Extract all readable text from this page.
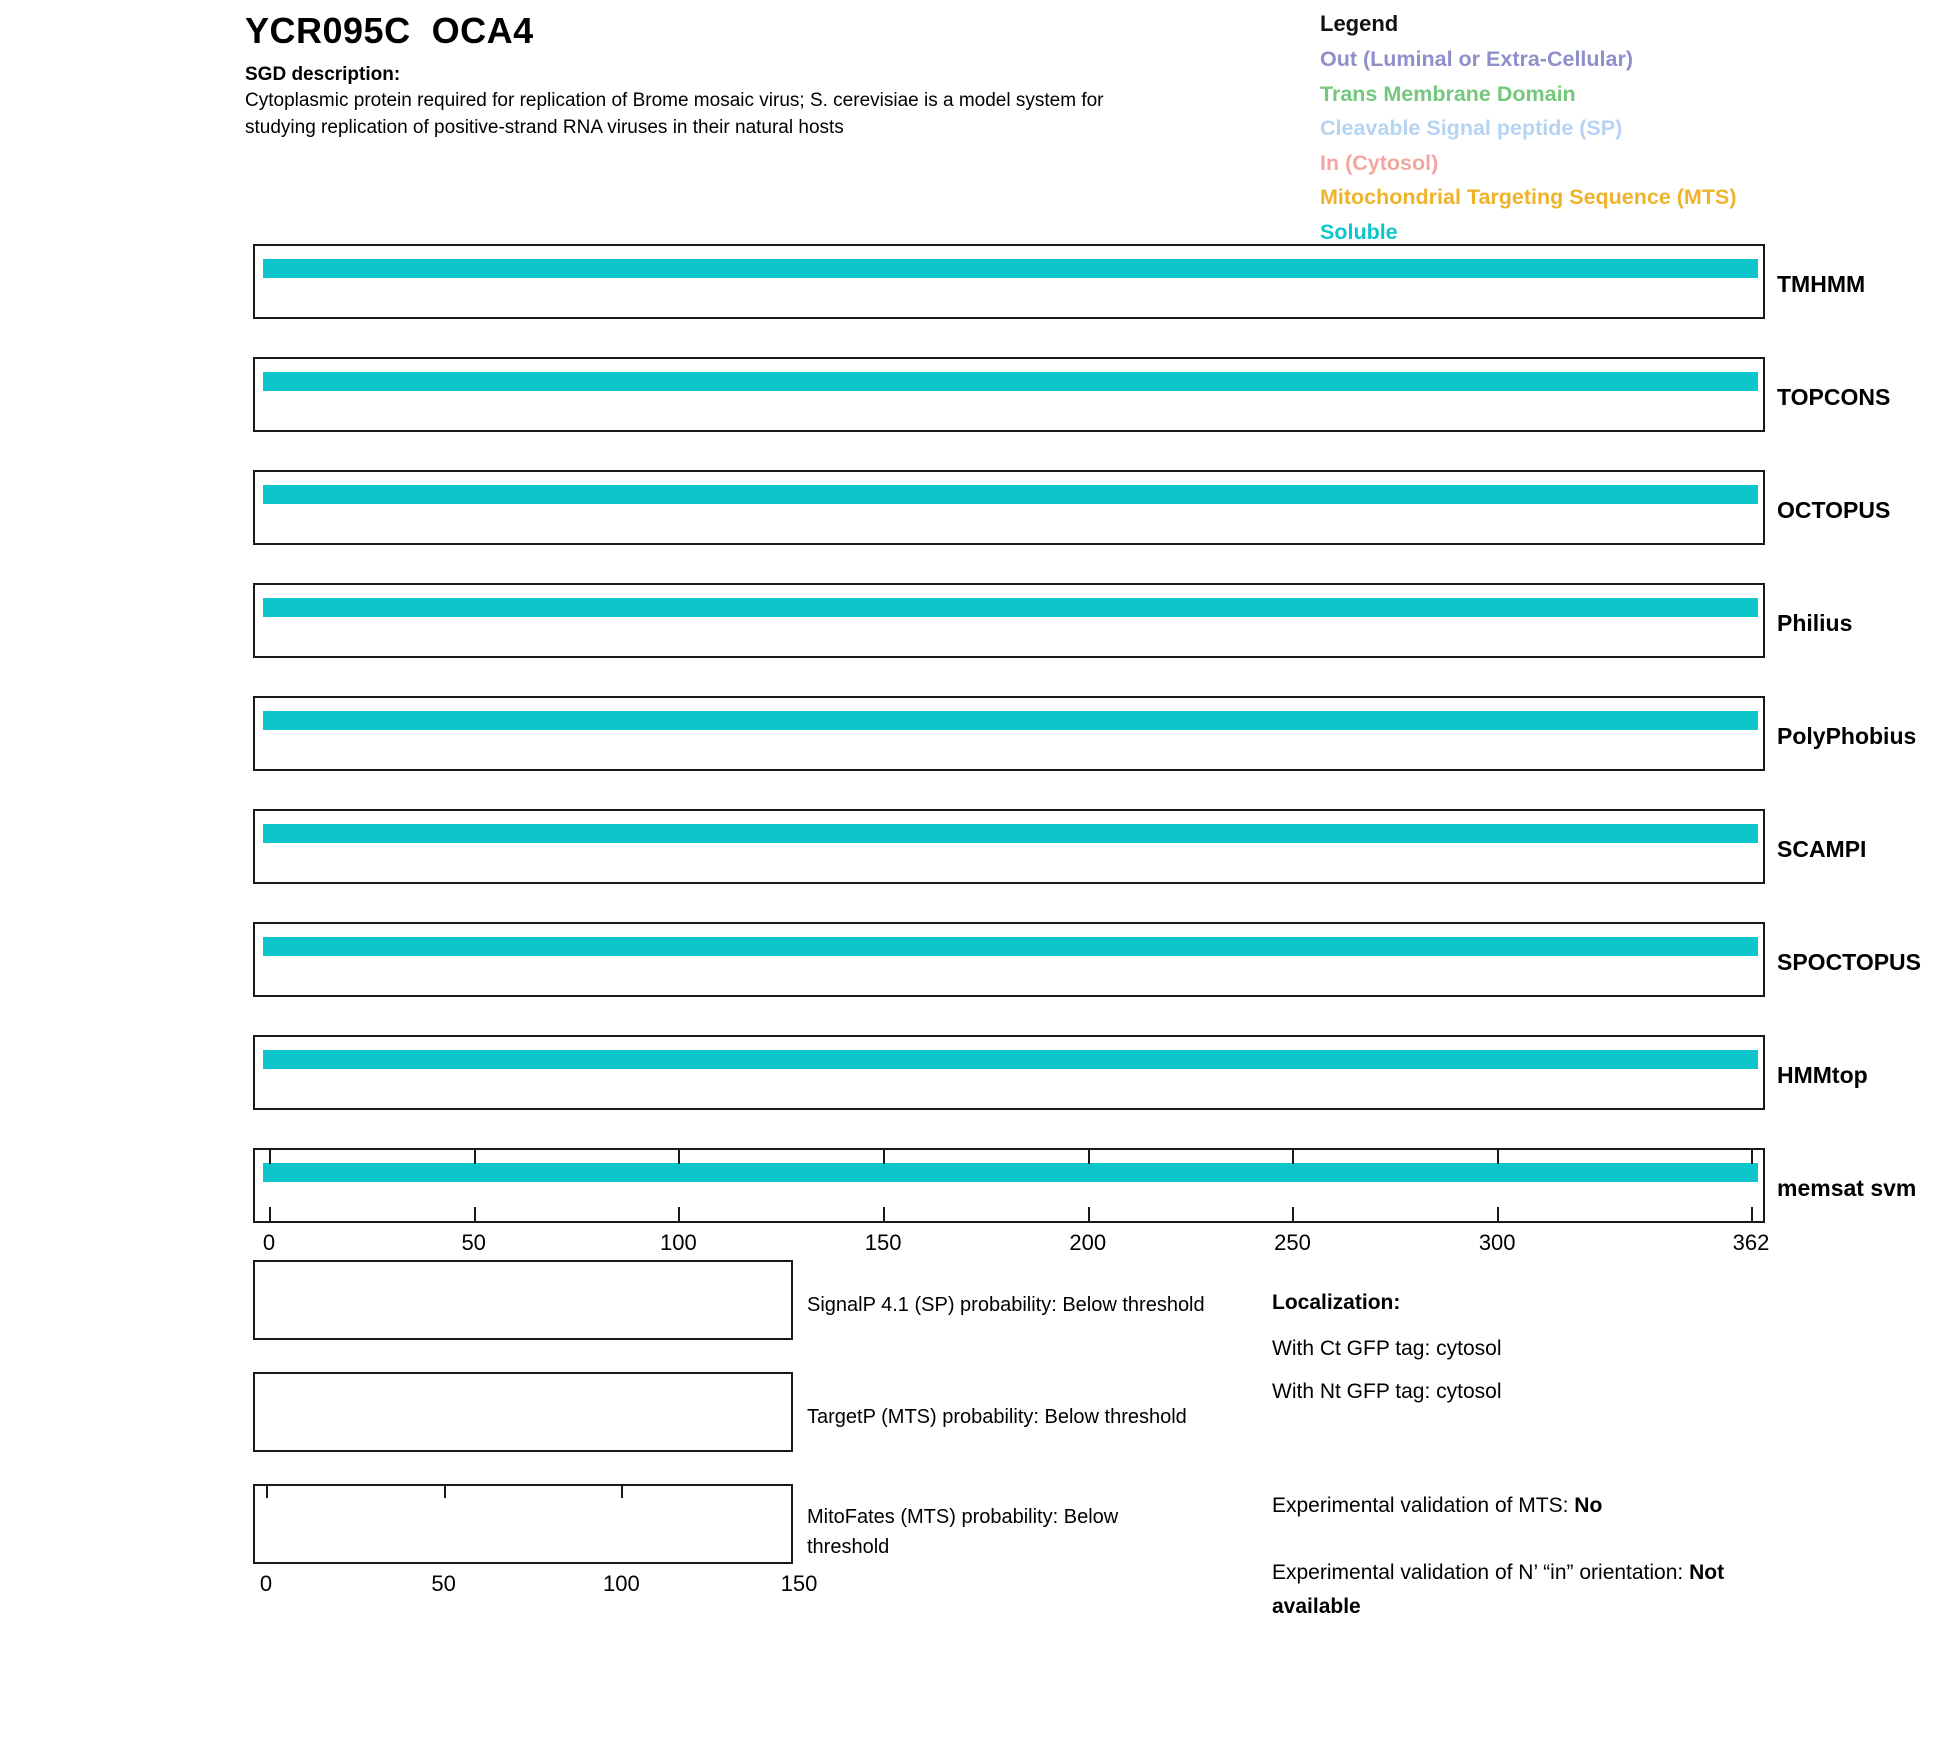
YCR095C  OCA4
SGD description:
Cytoplasmic protein required for replication of Brome mosaic virus; S. cerevisiae is a model system for
studying replication of positive-strand RNA viruses in their natural hosts
Legend
Out (Luminal or Extra-Cellular)
Trans Membrane Domain
Cleavable Signal peptide (SP)
In (Cytosol)
Mitochondrial Targeting Sequence (MTS)
Soluble
TMHMM
TOPCONS
OCTOPUS
Philius
PolyPhobius
SCAMPI
SPOCTOPUS
HMMtop
memsat svm
0	50	100	150	200	250	300	362
SignalP 4.1 (SP) probability: Below threshold
TargetP (MTS) probability: Below threshold
0	50	100	150
MitoFates (MTS) probability: Below
threshold
Localization:
With Ct GFP tag: cytosol
With Nt GFP tag: cytosol
Experimental validation of MTS: No
Experimental validation of N’ “in” orientation: Not available
